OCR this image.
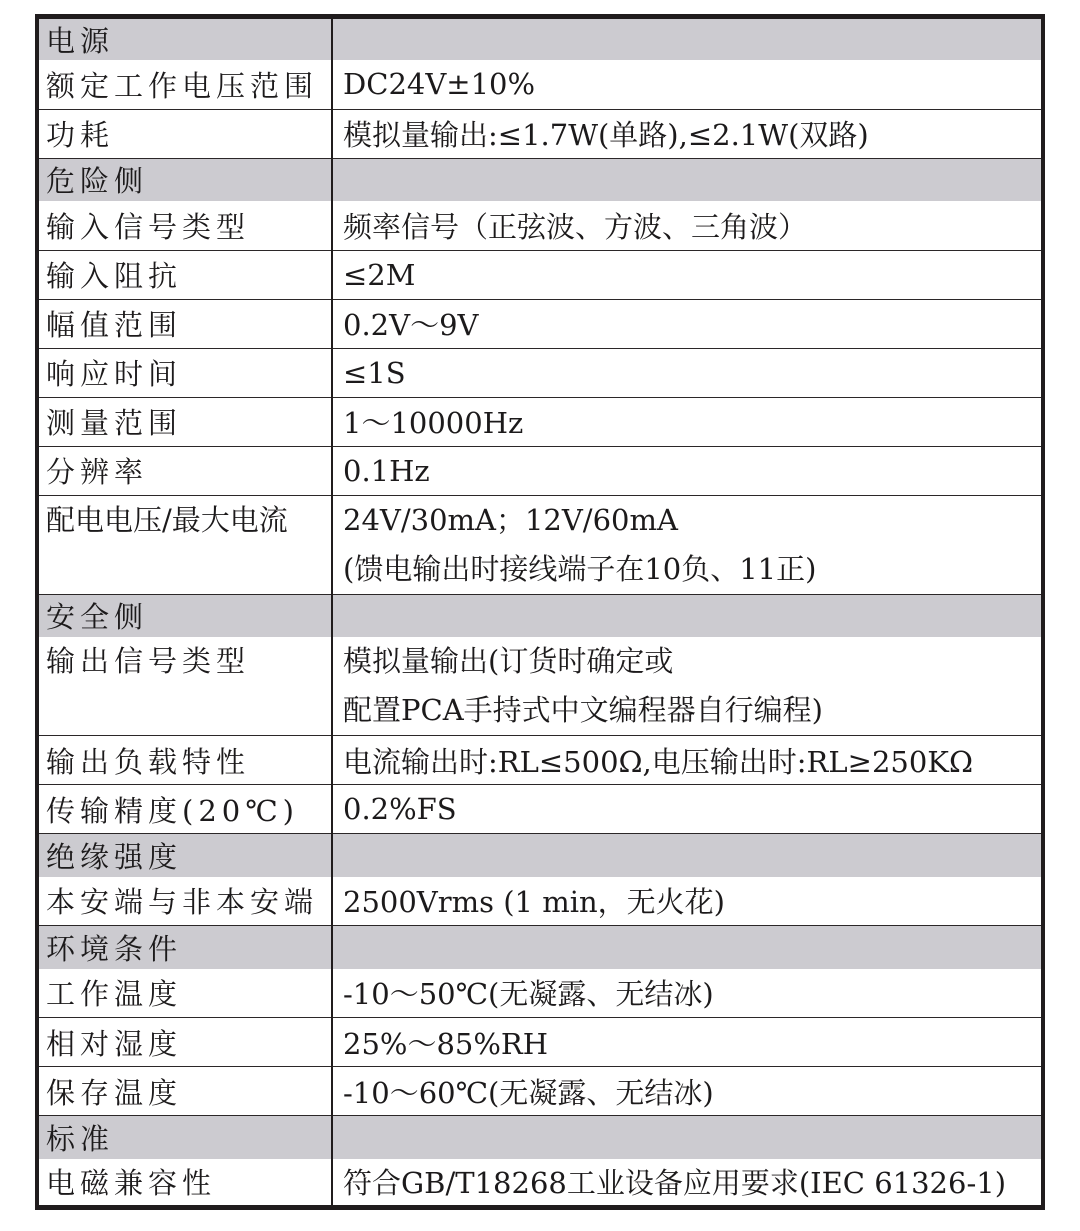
电源	
额定工作电压范围	DC24V±10%

功耗	模拟量输出:≤1.7W(单路),≤2.1W(双路)

危险侧	
输入信号类型	频率信号（正弦波、方波、三角波）

输入阻抗	≤2M

幅值范围	0.2V～9V

响应时间	≤1S

测量范围	1～10000Hz

分辨率	0.1Hz

配电电压/最大电流	24V/30mA；12V/60mA
(馈电输出时接线端子在10负、11正)

安全侧	
输出信号类型	模拟量输出(订货时确定或
配置PCA手持式中文编程器自行编程)

输出负载特性	电流输出时:RL≤500Ω,电压输出时:RL≥250KΩ

传输精度(20℃)	0.2%FS

绝缘强度	
本安端与非本安端	2500Vrms (1 min，无火花)

环境条件	
工作温度	-10～50℃(无凝露、无结冰)

相对湿度	25%～85%RH

保存温度	-10～60℃(无凝露、无结冰)

标准	
电磁兼容性	符合GB/T18268工业设备应用要求(IEC 61326-1)
